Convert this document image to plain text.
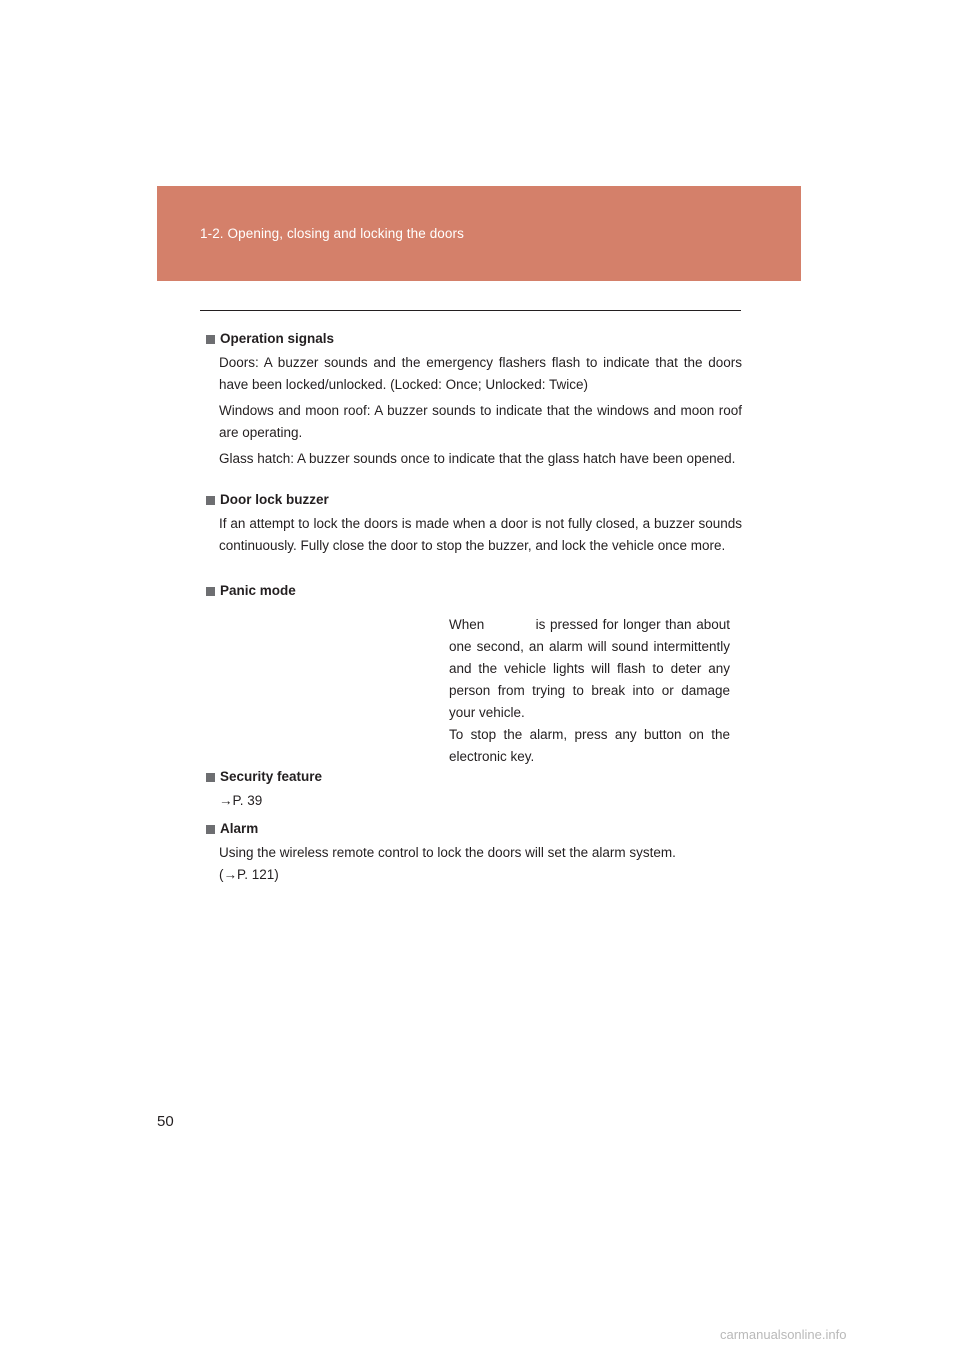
1-2. Opening, closing and locking the doors
Operation signals
Doors: A buzzer sounds and the emergency flashers flash to indicate that the doors have been locked/unlocked. (Locked: Once; Unlocked: Twice)
Windows and moon roof: A buzzer sounds to indicate that the windows and moon roof are operating.
Glass hatch: A buzzer sounds once to indicate that the glass hatch have been opened.
Door lock buzzer
If an attempt to lock the doors is made when a door is not fully closed, a buzzer sounds continuously. Fully close the door to stop the buzzer, and lock the vehicle once more.
Panic mode
When	is pressed for longer than about one second, an alarm will sound intermittently and the vehicle lights will flash to deter any person from trying to break into or damage your vehicle.
To stop the alarm, press any button on the electronic key.
Security feature
→P. 39
Alarm
Using the wireless remote control to lock the doors will set the alarm system.
(→P. 121)
50
carmanualsonline.info
